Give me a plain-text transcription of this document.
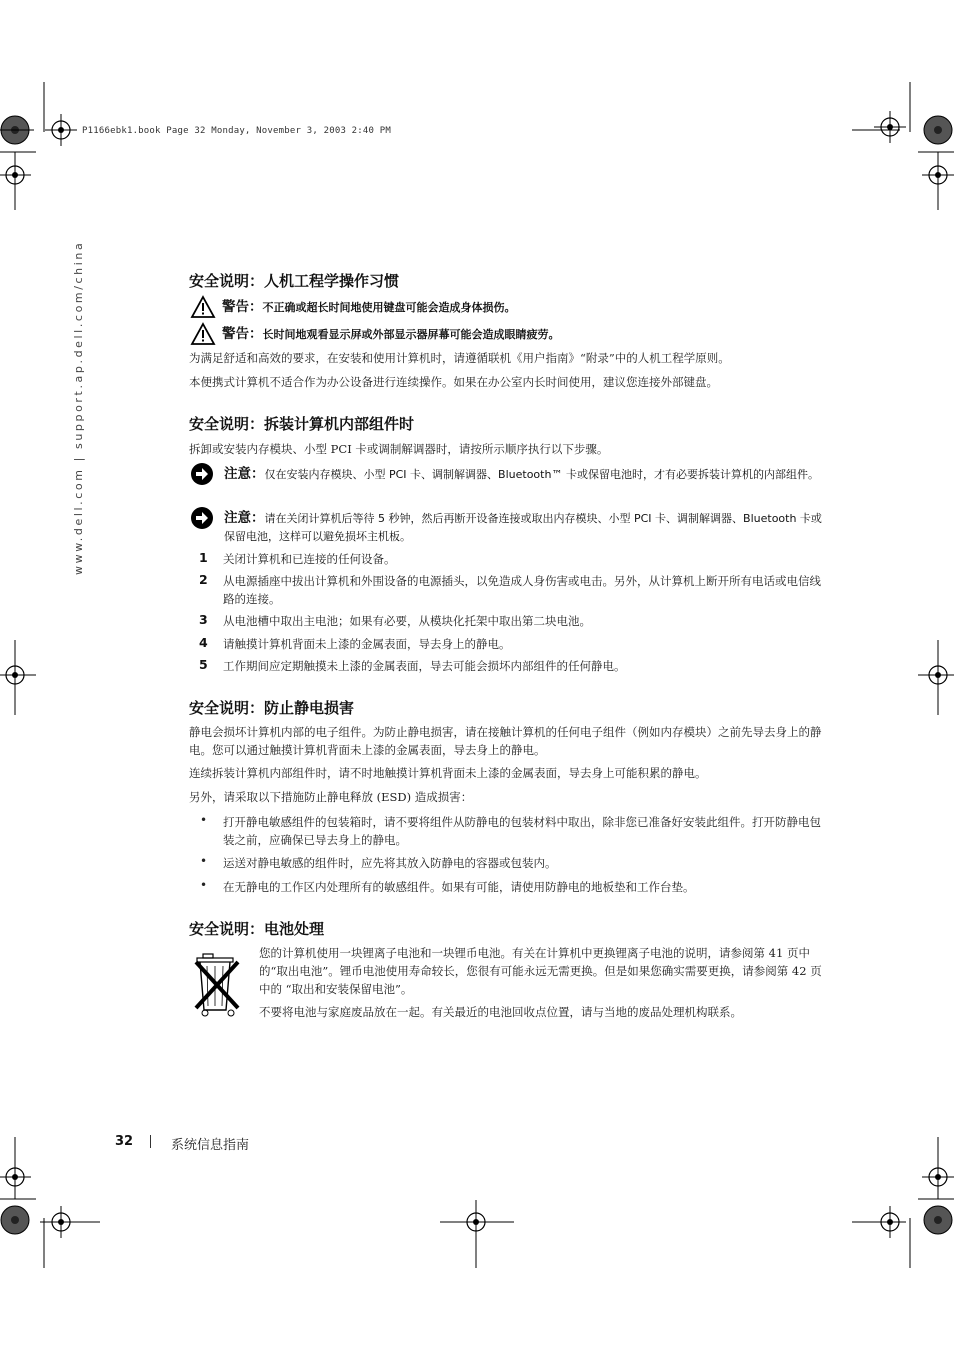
P1166ebk1.book Page 32 Monday, November 3, 2003 2:40 PM
www.dell.com | support.ap.dell.com/china	安全说明：人机工程学操作习惯
警告：不正确或超长时间地使用键盘可能会造成身体损伤。
警告：长时间地观看显示屏或外部显示器屏幕可能会造成眼睛疲劳。

为满足舒适和高效的要求，在安装和使用计算机时，请遵循联机《用户指南》“附录”中的人机工程学原则。

本便携式计算机不适合作为办公设备进行连续操作。如果在办公室内长时间使用，建议您连接外部键盘。

安全说明：拆装计算机内部组件时

拆卸或安装内存模块、小型 PCI 卡或调制解调器时，请按所示顺序执行以下步骤。

注意：仅在安装内存模块、小型 PCI 卡、调制解调器、Bluetooth™ 卡或保留电池时，才有必要拆装计算机的内部组件。
注意：请在关闭计算机后等待 5 秒钟，然后再断开设备连接或取出内存模块、小型 PCI 卡、调制解调器、Bluetooth 卡或保留电池，这样可以避免损坏主机板。
1 关闭计算机和已连接的任何设备。

2 从电源插座中拔出计算机和外围设备的电源插头，以免造成人身伤害或电击。另外，从计算机上断开所有电话或电信线路的连接。

3 从电池槽中取出主电池；如果有必要，从模块化托架中取出第二块电池。

4 请触摸计算机背面未上漆的金属表面，导去身上的静电。

5 工作期间应定期触摸未上漆的金属表面，导去可能会损坏内部组件的任何静电。

安全说明：防止静电损害

静电会损坏计算机内部的电子组件。为防止静电损害，请在接触计算机的任何电子组件（例如内存模块）之前先导去身上的静电。您可以通过触摸计算机背面未上漆的金属表面，导去身上的静电。

连续拆装计算机内部组件时，请不时地触摸计算机背面未上漆的金属表面，导去身上可能积累的静电。

另外，请采取以下措施防止静电释放 (ESD) 造成损害：

• 打开静电敏感组件的包装箱时，请不要将组件从防静电的包装材料中取出，除非您已准备好安装此组件。打开防静电包装之前，应确保已导去身上的静电。

• 运送对静电敏感的组件时，应先将其放入防静电的容器或包装内。

• 在无静电的工作区内处理所有的敏感组件。如果有可能，请使用防静电的地板垫和工作台垫。

安全说明：电池处理

您的计算机使用一块锂离子电池和一块锂币电池。有关在计算机中更换锂离子电池的说明，请参阅第 41 页中的“取出电池”。锂币电池使用寿命较长，您很有可能永远无需更换。但是如果您确实需要更换，请参阅第 42 页中的 “取出和安装保留电池”。

不要将电池与家庭废品放在一起。有关最近的电池回收点位置，请与当地的废品处理机构联系。

32	系统信息指南
